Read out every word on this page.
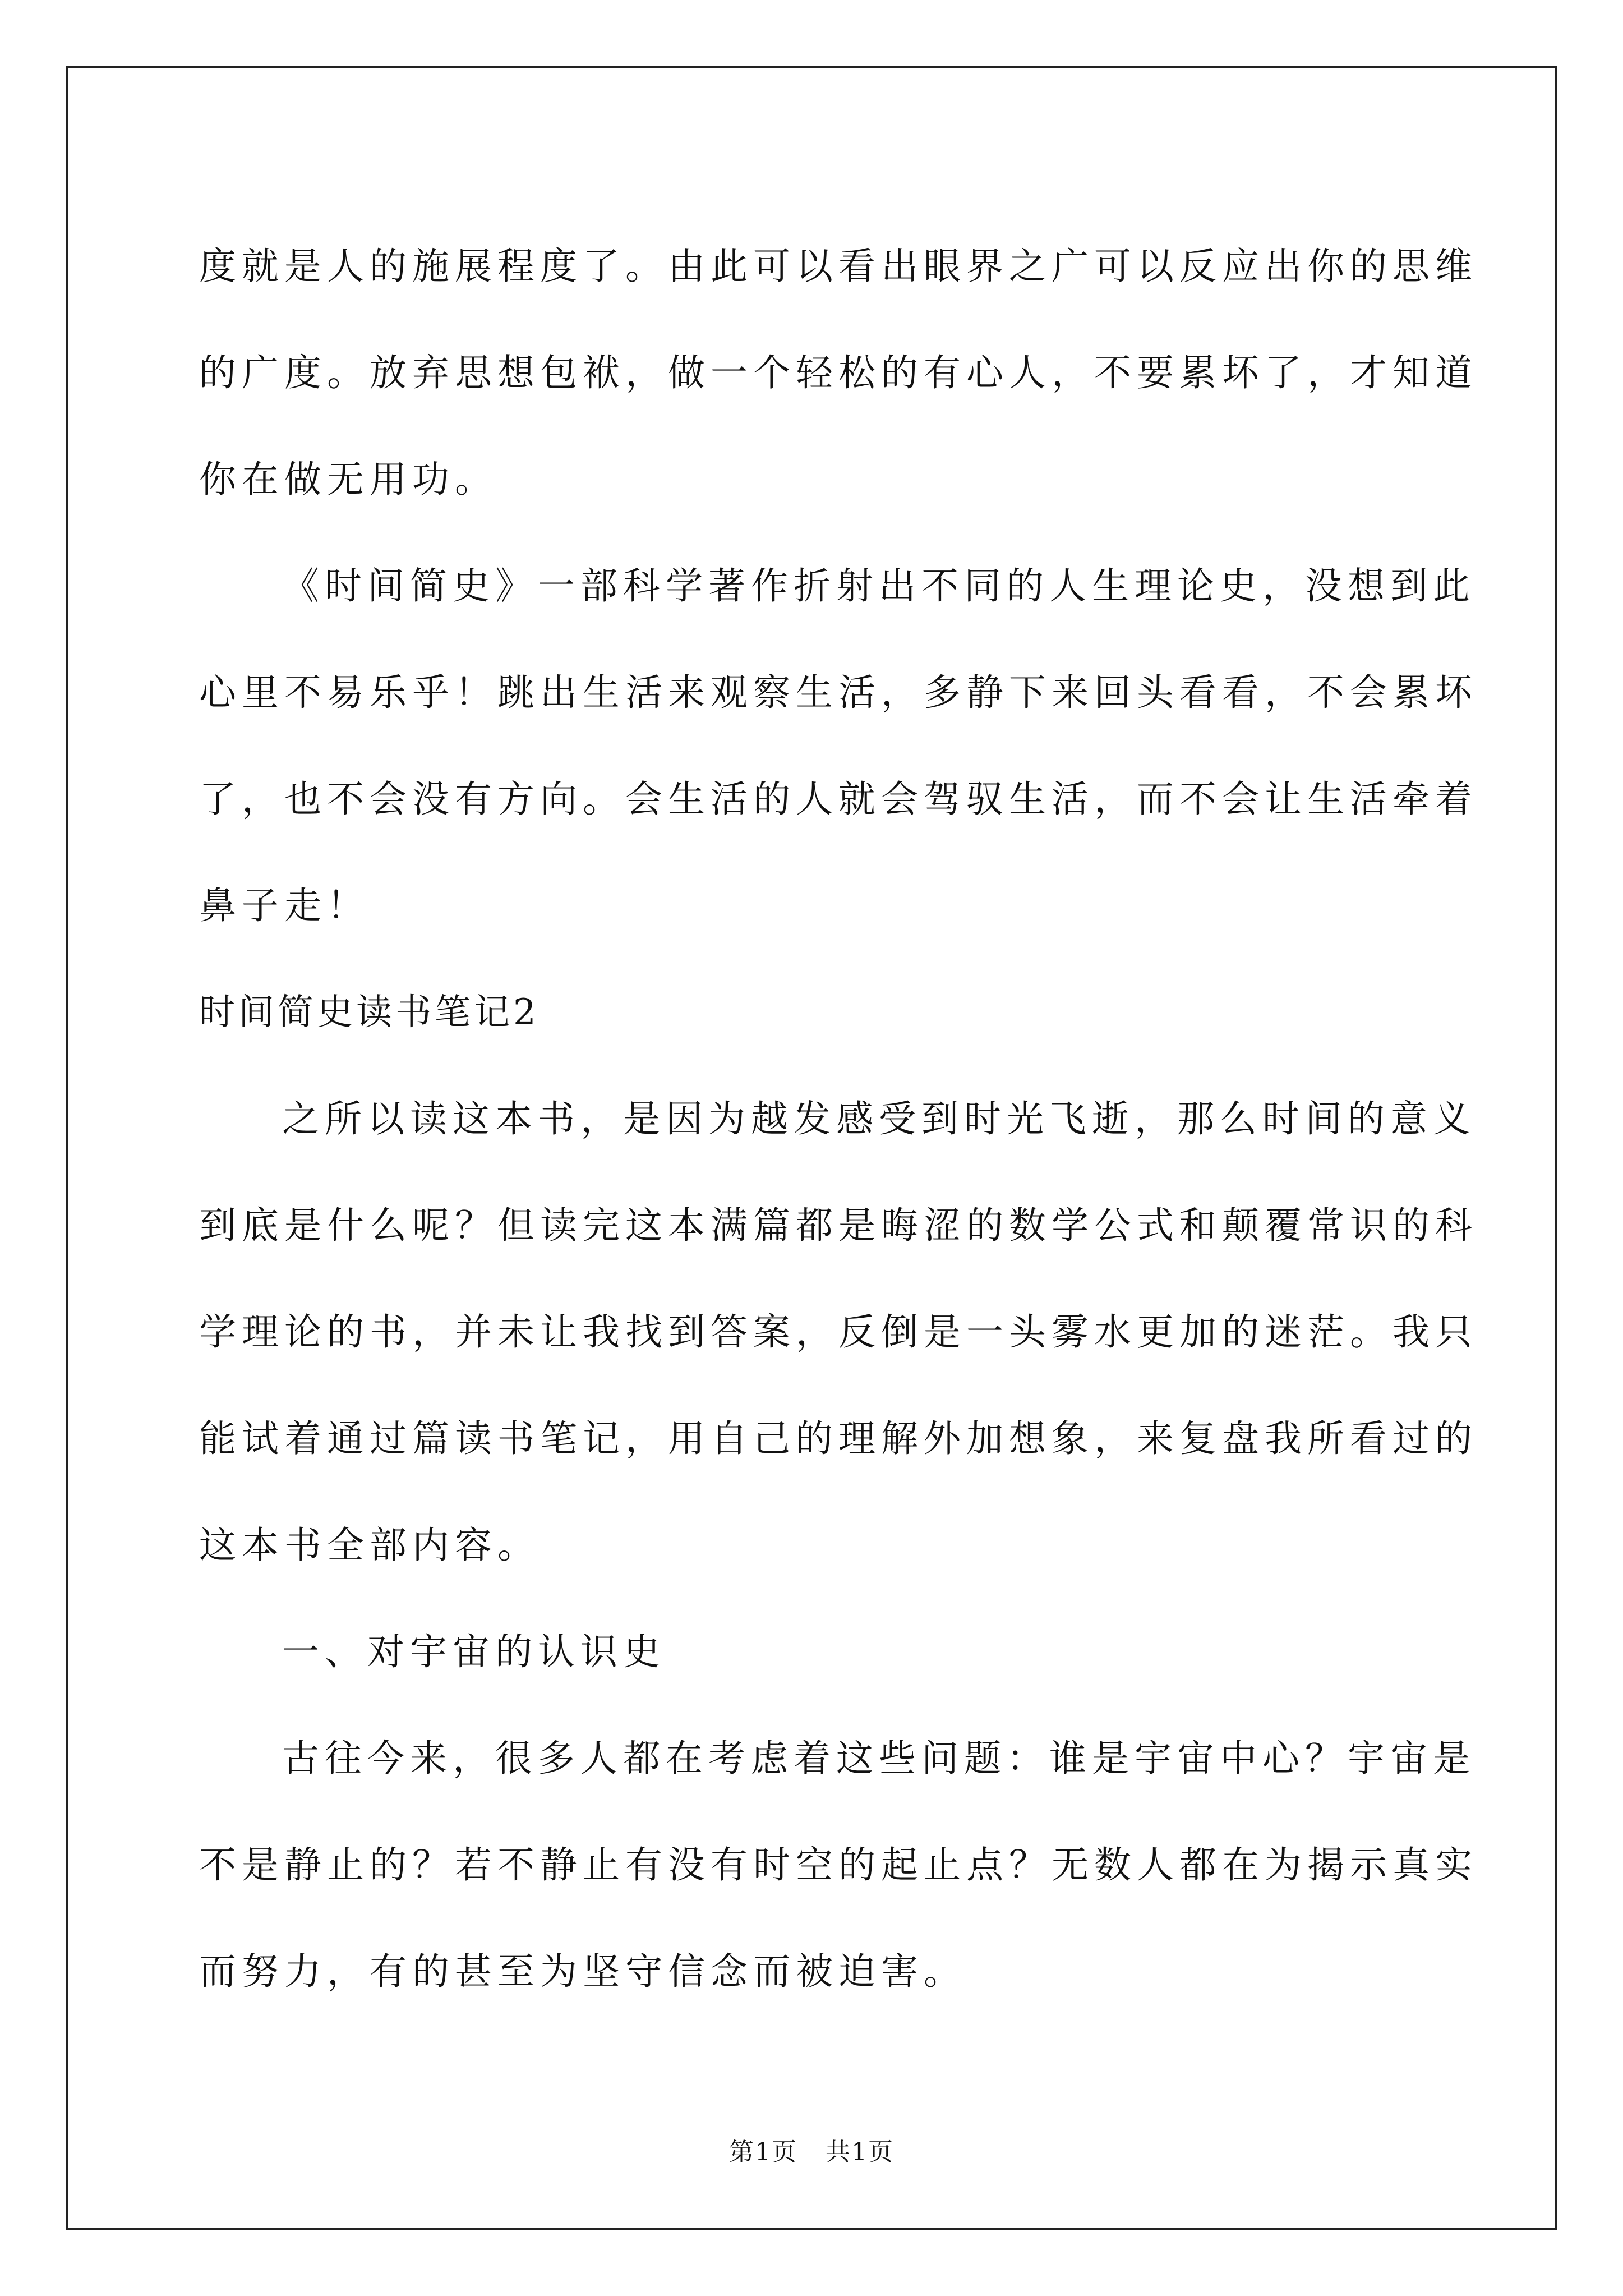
度就是人的施展程度了。由此可以看出眼界之广可以反应出你的思维
的广度。放弃思想包袱，做一个轻松的有心人，不要累坏了，才知道
你在做无用功。
《时间简史》一部科学著作折射出不同的人生理论史，没想到此
心里不易乐乎！跳出生活来观察生活，多静下来回头看看，不会累坏
了，也不会没有方向。会生活的人就会驾驭生活，而不会让生活牵着
鼻子走！
时间简史读书笔记2
之所以读这本书，是因为越发感受到时光飞逝，那么时间的意义
到底是什么呢？但读完这本满篇都是晦涩的数学公式和颠覆常识的科
学理论的书，并未让我找到答案，反倒是一头雾水更加的迷茫。我只
能试着通过篇读书笔记，用自己的理解外加想象，来复盘我所看过的
这本书全部内容。
一、对宇宙的认识史
古往今来，很多人都在考虑着这些问题：谁是宇宙中心？宇宙是
不是静止的？若不静止有没有时空的起止点？无数人都在为揭示真实
而努力，有的甚至为坚守信念而被迫害。
第1页 共1页
